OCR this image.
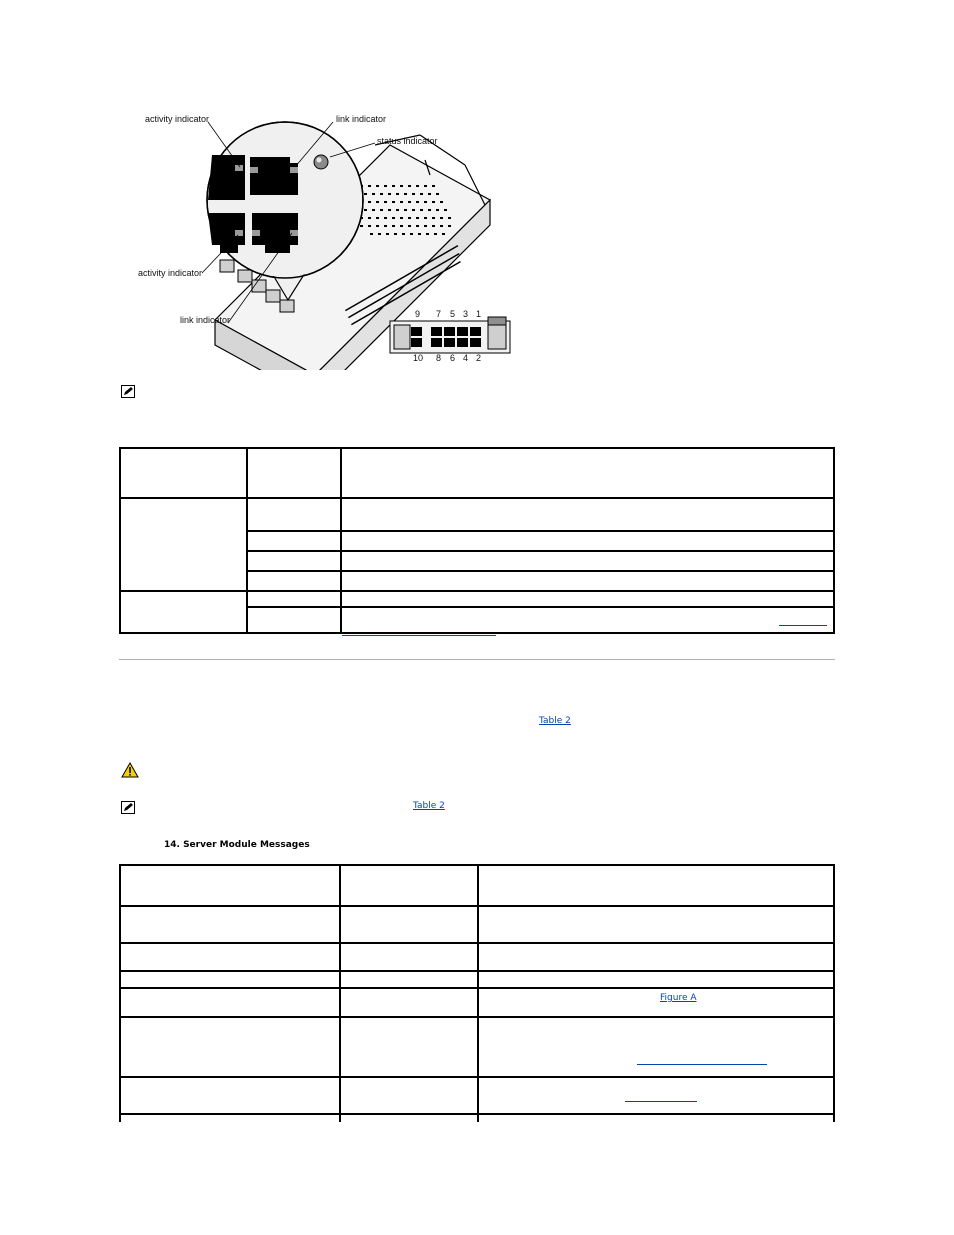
activity indicator	link indicator
status indicator
activity indicator
link indicator
9 7 5 3 1
10 8 6 4 2

Table 2
Table 2
14. Server Module Messages

Figure A
